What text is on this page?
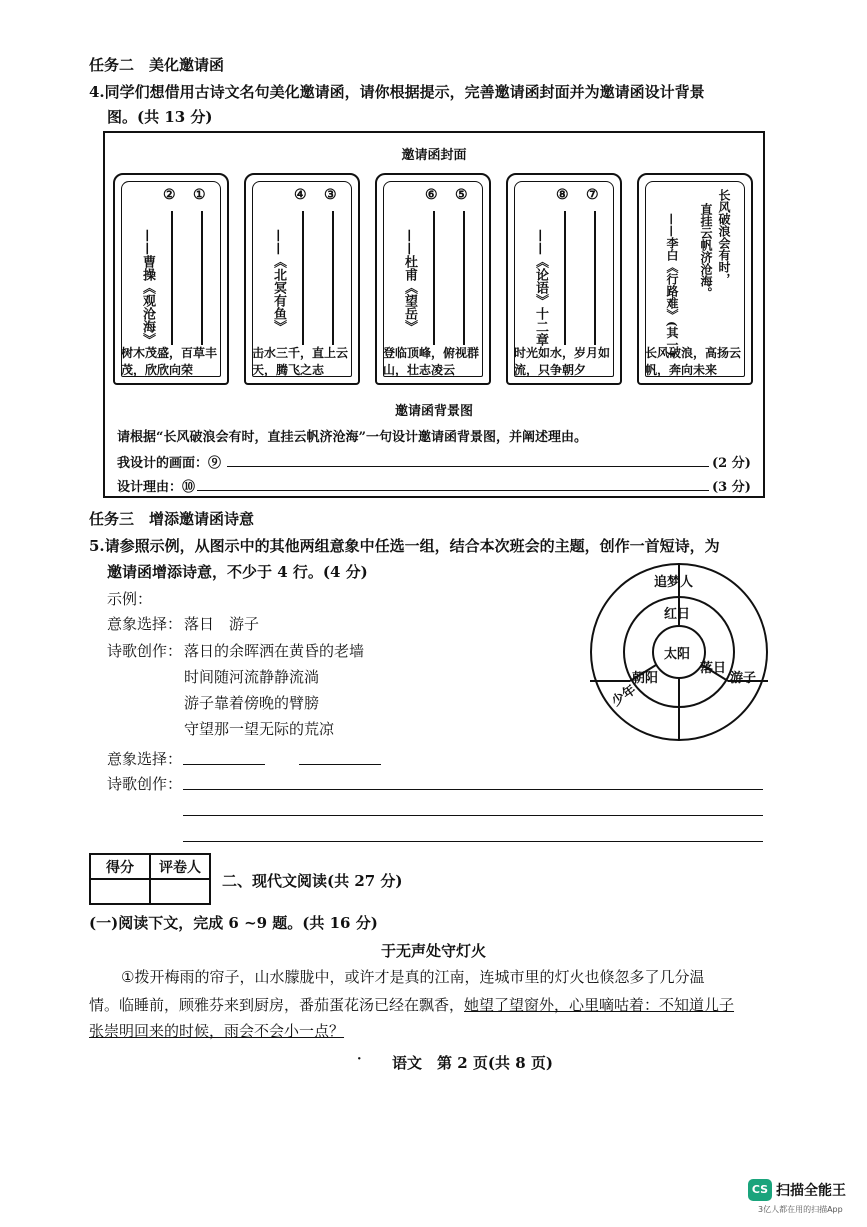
任务二　美化邀请函
4.同学们想借用古诗文名句美化邀请函，请你根据提示，完善邀请函封面并为邀请函设计背景
图。(共 13 分)
邀请函封面
② ①
——曹操《观沧海》
树木茂盛，百草丰茂，欣欣向荣
④ ③
——《北冥有鱼》
击水三千，直上云天，腾飞之志
⑥ ⑤
——杜甫《望岳》
登临顶峰，俯视群山，壮志凌云
⑧ ⑦
——《论语》十二章
时光如水，岁月如流，只争朝夕
长风破浪会有时，
直挂云帆济沧海。
——李白《行路难》(其一)
长风破浪，高扬云帆，奔向未来
邀请函背景图
请根据“长风破浪会有时，直挂云帆济沧海”一句设计邀请函背景图，并阐述理由。
我设计的画面：⑨	(2 分)
设计理由：⑩	(3 分)
任务三　增添邀请函诗意
5.请参照示例，从图示中的其他两组意象中任选一组，结合本次班会的主题，创作一首短诗，为
邀请函增添诗意，不少于 4 行。(4 分)
示例：
意象选择： 落日　游子
诗歌创作： 落日的余晖洒在黄昏的老墙
时间随河流静静流淌
游子靠着傍晚的臂膀
守望那一望无际的荒凉
意象选择：
诗歌创作：
太阳
红日
朝阳
落日
追梦人
少年
游子
得分	评卷人

二、现代文阅读(共 27 分)
(一)阅读下文，完成 6 ~9 题。(共 16 分)
于无声处守灯火
①拨开梅雨的帘子，山水朦胧中，或许才是真的江南，连城市里的灯火也倏忽多了几分温
情。临睡前，顾雅芬来到厨房，番茄蛋花汤已经在飘香，她望了望窗外，心里嘀咕着：不知道儿子
张崇明回来的时候，雨会不会小一点？
· 语文　第 2 页(共 8 页)
CS 扫描全能王
3亿人都在用的扫描App
